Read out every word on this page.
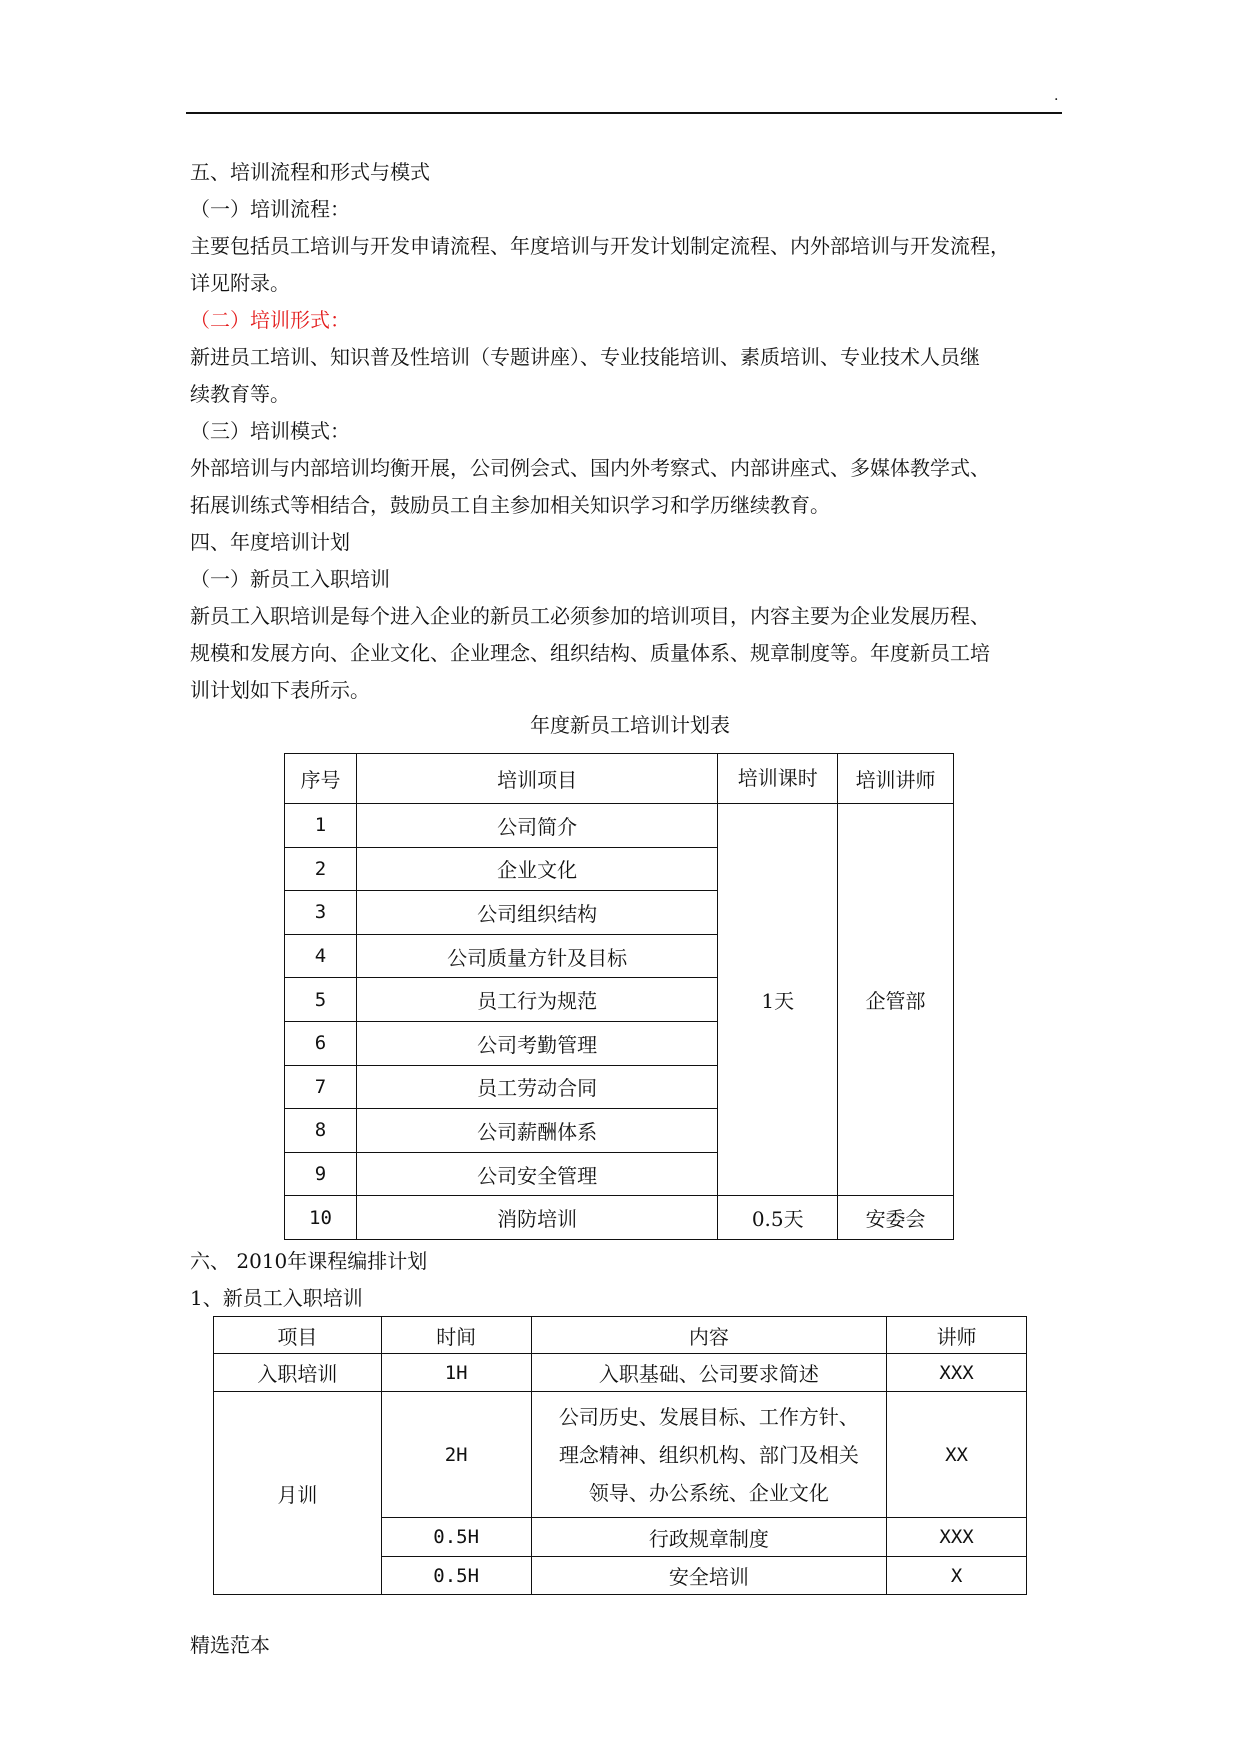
.

五、培训流程和形式与模式

（一）培训流程：

主要包括员工培训与开发申请流程、年度培训与开发计划制定流程、内外部培训与开发流程，

详见附录。

（二）培训形式：

新进员工培训、知识普及性培训（专题讲座）、专业技能培训、素质培训、专业技术人员继

续教育等。

（三）培训模式：

外部培训与内部培训均衡开展，公司例会式、国内外考察式、内部讲座式、多媒体教学式、

拓展训练式等相结合，鼓励员工自主参加相关知识学习和学历继续教育。

四、年度培训计划

（一）新员工入职培训

新员工入职培训是每个进入企业的新员工必须参加的培训项目，内容主要为企业发展历程、

规模和发展方向、企业文化、企业理念、组织结构、质量体系、规章制度等。年度新员工培

训计划如下表所示。

年度新员工培训计划表

序号	培训项目	培训课时	培训讲师
1	公司简介	1天	企管部
2	企业文化		
3	公司组织结构		
4	公司质量方针及目标		
5	员工行为规范		
6	公司考勤管理		
7	员工劳动合同		
8	公司薪酬体系		
9	公司安全管理		
10	消防培训	0.5天	安委会
六、 2010年课程编排计划
1、新员工入职培训
项目	时间	内容	讲师
入职培训	1H	入职基础、公司要求简述	XXX
月训	2H	公司历史、发展目标、工作方针、
理念精神、组织机构、部门及相关
领导、办公系统、企业文化	XX
	0.5H	行政规章制度	XXX
	0.5H	安全培训	X
精选范本
